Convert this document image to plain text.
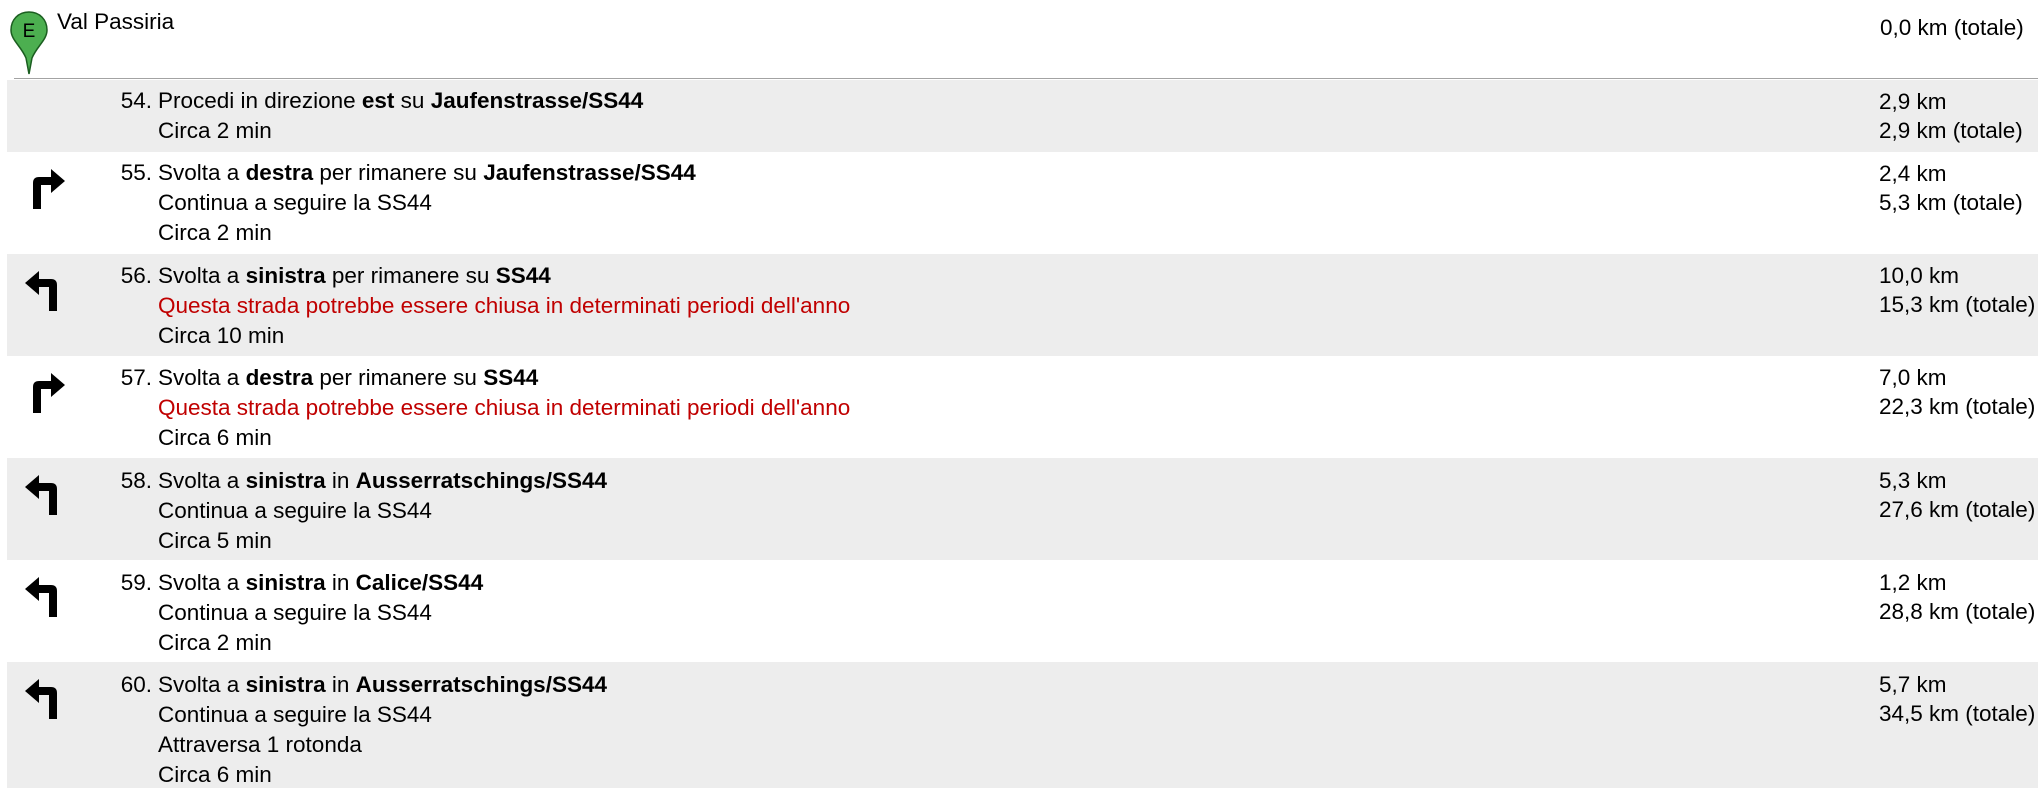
E Val Passiria	0,0 km (totale)
54. Procedi in direzione est su Jaufenstrasse/SS44
Circa 2 min
2,9 km
2,9 km (totale)
55. Svolta a destra per rimanere su Jaufenstrasse/SS44
Continua a seguire la SS44
Circa 2 min
2,4 km
5,3 km (totale)
56. Svolta a sinistra per rimanere su SS44
Questa strada potrebbe essere chiusa in determinati periodi dell'anno
Circa 10 min
10,0 km
15,3 km (totale)
57. Svolta a destra per rimanere su SS44
Questa strada potrebbe essere chiusa in determinati periodi dell'anno
Circa 6 min
7,0 km
22,3 km (totale)
58. Svolta a sinistra in Ausserratschings/SS44
Continua a seguire la SS44
Circa 5 min
5,3 km
27,6 km (totale)
59. Svolta a sinistra in Calice/SS44
Continua a seguire la SS44
Circa 2 min
1,2 km
28,8 km (totale)
60. Svolta a sinistra in Ausserratschings/SS44
Continua a seguire la SS44
Attraversa 1 rotonda
Circa 6 min
5,7 km
34,5 km (totale)
